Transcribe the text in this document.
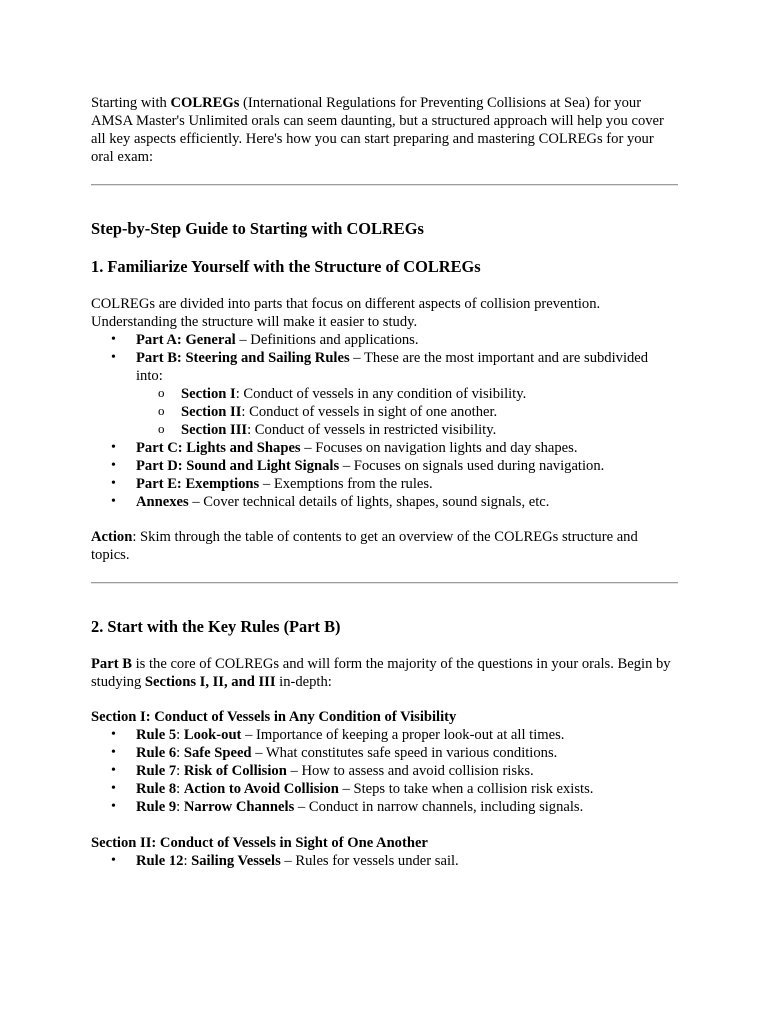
Starting with COLREGs (International Regulations for Preventing Collisions at Sea) for your AMSA Master's Unlimited orals can seem daunting, but a structured approach will help you cover all key aspects efficiently. Here's how you can start preparing and mastering COLREGs for your oral exam:

Step-by-Step Guide to Starting with COLREGs
1. Familiarize Yourself with the Structure of COLREGs

COLREGs are divided into parts that focus on different aspects of collision prevention. Understanding the structure will make it easier to study.

• Part A: General – Definitions and applications.
• Part B: Steering and Sailing Rules – These are the most important and are subdivided into:
o Section I: Conduct of vessels in any condition of visibility.
o Section II: Conduct of vessels in sight of one another.
o Section III: Conduct of vessels in restricted visibility.
• Part C: Lights and Shapes – Focuses on navigation lights and day shapes.
• Part D: Sound and Light Signals – Focuses on signals used during navigation.
• Part E: Exemptions – Exemptions from the rules.
• Annexes – Cover technical details of lights, shapes, sound signals, etc.

Action: Skim through the table of contents to get an overview of the COLREGs structure and topics.

2. Start with the Key Rules (Part B)

Part B is the core of COLREGs and will form the majority of the questions in your orals. Begin by studying Sections I, II, and III in-depth:

Section I: Conduct of Vessels in Any Condition of Visibility

• Rule 5: Look-out – Importance of keeping a proper look-out at all times.
• Rule 6: Safe Speed – What constitutes safe speed in various conditions.
• Rule 7: Risk of Collision – How to assess and avoid collision risks.
• Rule 8: Action to Avoid Collision – Steps to take when a collision risk exists.
• Rule 9: Narrow Channels – Conduct in narrow channels, including signals.

Section II: Conduct of Vessels in Sight of One Another

• Rule 12: Sailing Vessels – Rules for vessels under sail.
